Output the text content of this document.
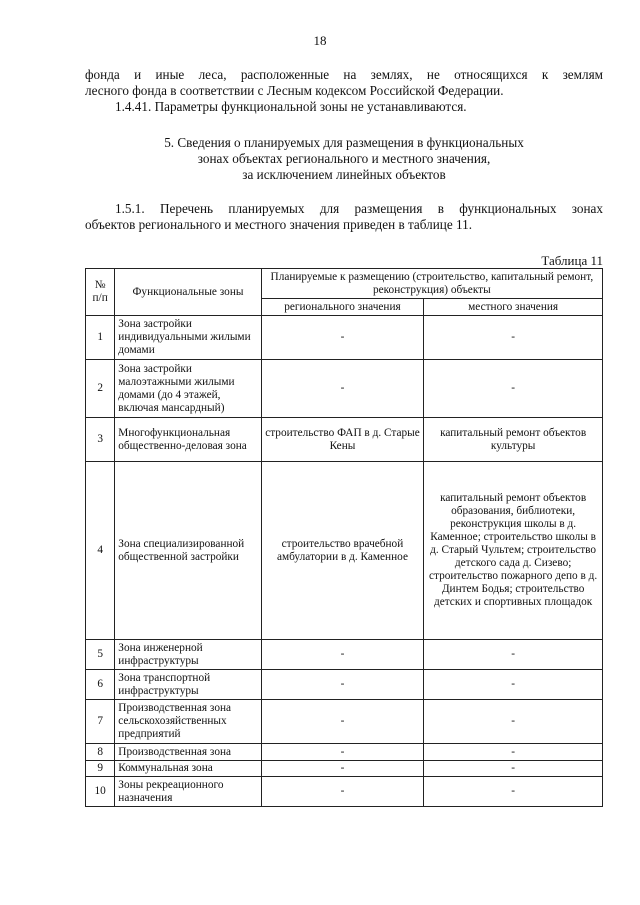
18
фонда и иные леса, расположенные на землях, не относящихся к землям
лесного фонда в соответствии с Лесным кодексом Российской Федерации.
1.4.41. Параметры функциональной зоны не устанавливаются.
5. Сведения о планируемых для размещения в функциональных
зонах объектах регионального и местного значения,
за исключением линейных объектов
1.5.1. Перечень планируемых для размещения в функциональных зонах
объектов регионального и местного значения приведен в таблице 11.
Таблица 11
№
п/п	Функциональные зоны	Планируемые к размещению (строительство, капитальный ремонт, реконструкция) объекты	
		регионального значения	местного значения
1	Зона застройки индивидуальными жилыми домами	-	-
2	Зона застройки малоэтажными жилыми домами (до 4 этажей, включая мансардный)	-	-
3	Многофункциональная общественно-деловая зона	строительство ФАП в д. Старые Кены	капитальный ремонт объектов культуры
4	Зона специализированной общественной застройки	строительство врачебной амбулатории в д. Каменное	капитальный ремонт объектов образования, библиотеки, реконструкция школы в д. Каменное; строительство школы в д. Старый Чультем; строительство детского сада д. Сизево; строительство пожарного депо в д. Динтем Бодья; строительство детских и спортивных площадок
5	Зона инженерной инфраструктуры	-	-
6	Зона транспортной инфраструктуры	-	-
7	Производственная зона сельскохозяйственных предприятий	-	-
8	Производственная зона	-	-
9	Коммунальная зона	-	-
10	Зоны рекреационного назначения	-	-
